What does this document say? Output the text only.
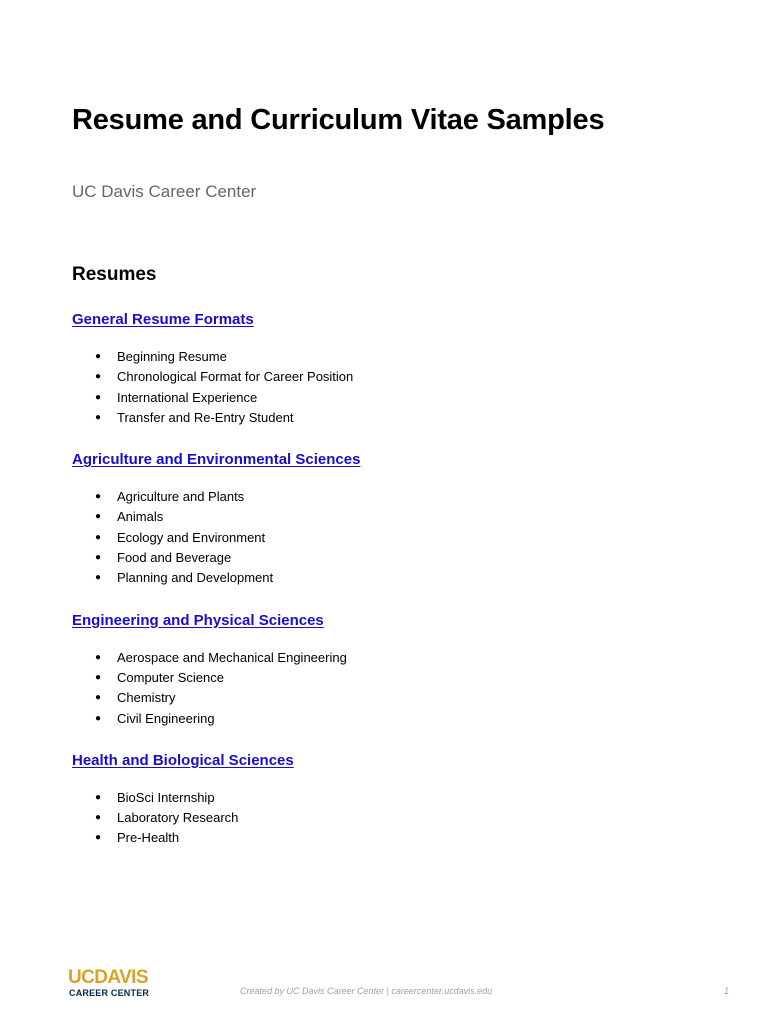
Resume and Curriculum Vitae Samples
UC Davis Career Center
Resumes
General Resume Formats
● Beginning Resume
● Chronological Format for Career Position
● International Experience
● Transfer and Re-Entry Student
Agriculture and Environmental Sciences
● Agriculture and Plants
● Animals
● Ecology and Environment
● Food and Beverage
● Planning and Development
Engineering and Physical Sciences
● Aerospace and Mechanical Engineering
● Computer Science
● Chemistry
● Civil Engineering
Health and Biological Sciences
● BioSci Internship
● Laboratory Research
● Pre-Health
UCDAVIS
CAREER CENTER	Created by UC Davis Career Center | careercenter.ucdavis.edu	1
